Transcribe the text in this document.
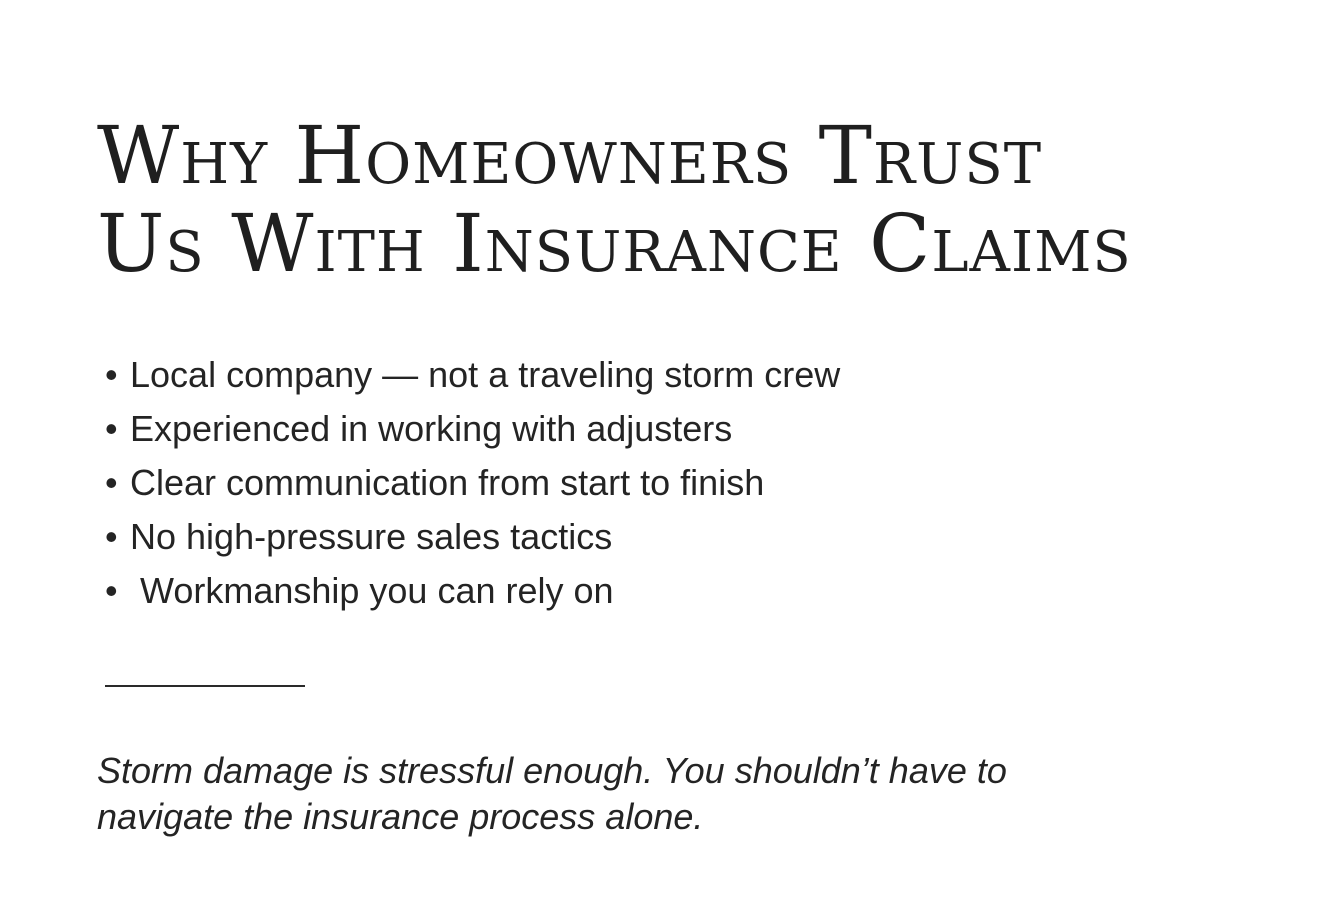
Why Homeowners Trust
Us With Insurance Claims
• Local company — not a traveling storm crew
• Experienced in working with adjusters
• Clear communication from start to finish
• No high-pressure sales tactics
• Workmanship you can rely on

Storm damage is stressful enough. You shouldn’t have to
navigate the insurance process alone.
